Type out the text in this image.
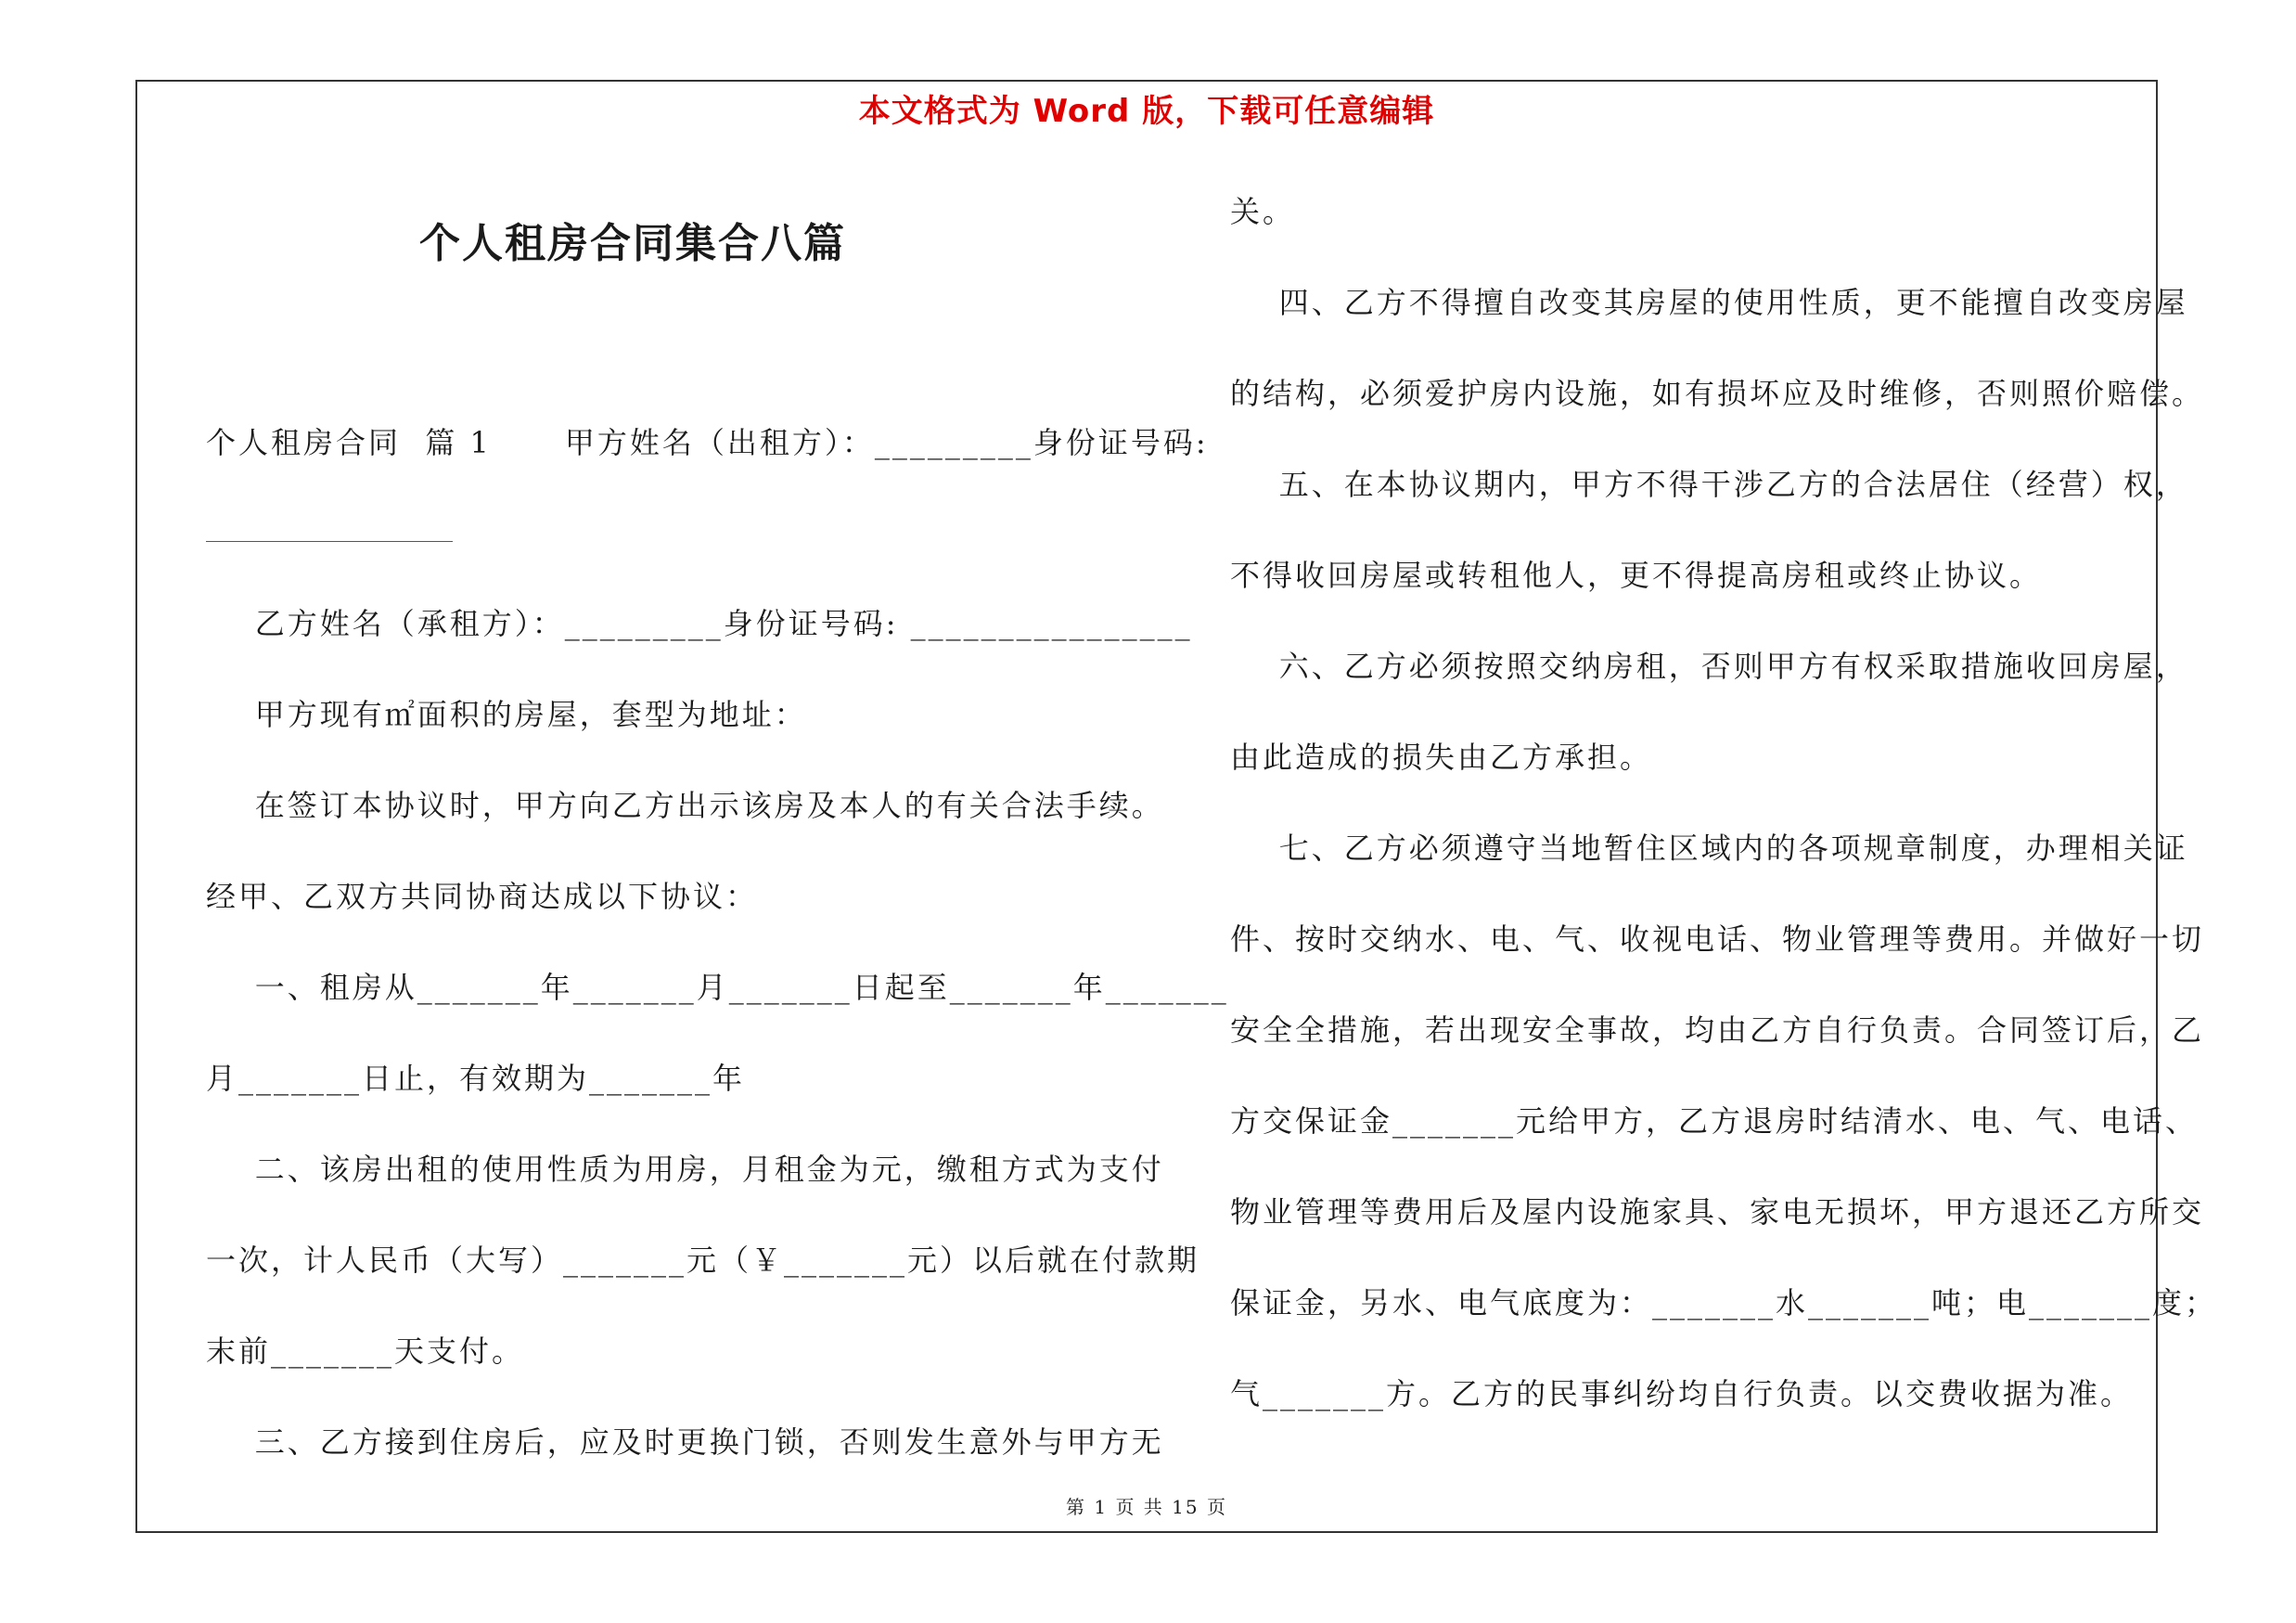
本文格式为 Word 版，下载可任意编辑
个人租房合同集合八篇
个人租房合同  篇 1      甲方姓名（出租方）：_________身份证号码:
乙方姓名（承租方）：_________身份证号码: ________________
甲方现有㎡面积的房屋，套型为地址：
在签订本协议时，甲方向乙方出示该房及本人的有关合法手续。
经甲、乙双方共同协商达成以下协议：
一、租房从_______年_______月_______日起至_______年_______
月_______日止，有效期为_______年
二、该房出租的使用性质为用房，月租金为元，缴租方式为支付
一次，计人民币（大写）_______元（￥_______元）以后就在付款期
末前_______天支付。
三、乙方接到住房后，应及时更换门锁，否则发生意外与甲方无
关。
四、乙方不得擅自改变其房屋的使用性质，更不能擅自改变房屋
的结构，必须爱护房内设施，如有损坏应及时维修，否则照价赔偿。
五、在本协议期内，甲方不得干涉乙方的合法居住（经营）权，
不得收回房屋或转租他人，更不得提高房租或终止协议。
六、乙方必须按照交纳房租，否则甲方有权采取措施收回房屋，
由此造成的损失由乙方承担。
七、乙方必须遵守当地暂住区域内的各项规章制度，办理相关证
件、按时交纳水、电、气、收视电话、物业管理等费用。并做好一切
安全全措施，若出现安全事故，均由乙方自行负责。合同签订后，乙
方交保证金_______元给甲方，乙方退房时结清水、电、气、电话、
物业管理等费用后及屋内设施家具、家电无损坏，甲方退还乙方所交
保证金，另水、电气底度为：_______水_______吨；电_______度；
气_______方。乙方的民事纠纷均自行负责。以交费收据为准。
第 1 页 共 15 页
